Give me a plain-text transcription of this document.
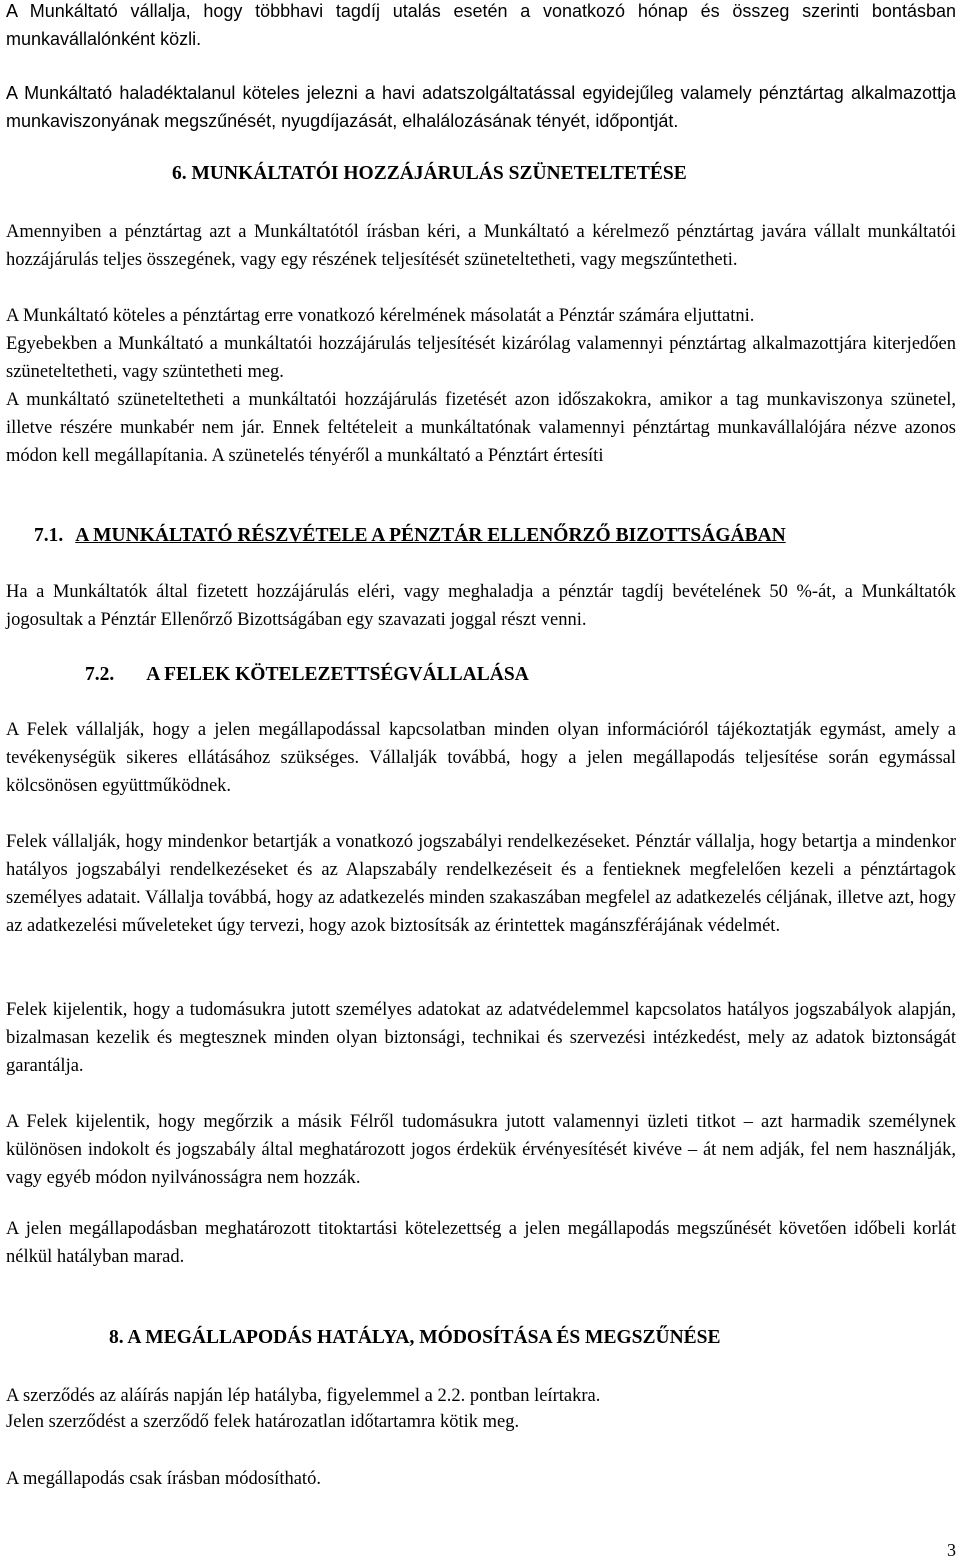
A Munkáltató vállalja, hogy többhavi tagdíj utalás esetén a vonatkozó hónap és összeg szerinti bontásban munkavállalónként közli.

A Munkáltató haladéktalanul köteles jelezni a havi adatszolgáltatással egyidejűleg valamely pénztártag alkalmazottja munkaviszonyának megszűnését, nyugdíjazását, elhalálozásának tényét, időpontját.

6. MUNKÁLTATÓI HOZZÁJÁRULÁS SZÜNETELTETÉSE

Amennyiben a pénztártag azt a Munkáltatótól írásban kéri, a Munkáltató a kérelmező pénztártag javára vállalt munkáltatói hozzájárulás teljes összegének, vagy egy részének teljesítését szüneteltetheti, vagy megszűntetheti.

A Munkáltató köteles a pénztártag erre vonatkozó kérelmének másolatát a Pénztár számára eljuttatni.

Egyebekben a Munkáltató a munkáltatói hozzájárulás teljesítését kizárólag valamennyi pénztártag alkalmazottjára kiterjedően szüneteltetheti, vagy szüntetheti meg.

A munkáltató szüneteltetheti a munkáltatói hozzájárulás fizetését azon időszakokra, amikor a tag munkaviszonya szünetel, illetve részére munkabér nem jár. Ennek feltételeit a munkáltatónak valamennyi pénztártag munkavállalójára nézve azonos módon kell megállapítania. A szünetelés tényéről a munkáltató a Pénztárt értesíti

7.1. A MUNKÁLTATÓ RÉSZVÉTELE A PÉNZTÁR ELLENŐRZŐ BIZOTTSÁGÁBAN

Ha a Munkáltatók által fizetett hozzájárulás eléri, vagy meghaladja a pénztár tagdíj bevételének 50 %-át, a Munkáltatók jogosultak a Pénztár Ellenőrző Bizottságában egy szavazati joggal részt venni.

7.2. A FELEK KÖTELEZETTSÉGVÁLLALÁSA

A Felek vállalják, hogy a jelen megállapodással kapcsolatban minden olyan információról tájékoztatják egymást, amely a tevékenységük sikeres ellátásához szükséges. Vállalják továbbá, hogy a jelen megállapodás teljesítése során egymással kölcsönösen együttműködnek.

Felek vállalják, hogy mindenkor betartják a vonatkozó jogszabályi rendelkezéseket. Pénztár vállalja, hogy betartja a mindenkor hatályos jogszabályi rendelkezéseket és az Alapszabály rendelkezéseit és a fentieknek megfelelően kezeli a pénztártagok személyes adatait. Vállalja továbbá, hogy az adatkezelés minden szakaszában megfelel az adatkezelés céljának, illetve azt, hogy az adatkezelési műveleteket úgy tervezi, hogy azok biztosítsák az érintettek magánszférájának védelmét.

Felek kijelentik, hogy a tudomásukra jutott személyes adatokat az adatvédelemmel kapcsolatos hatályos jogszabályok alapján, bizalmasan kezelik és megtesznek minden olyan biztonsági, technikai és szervezési intézkedést, mely az adatok biztonságát garantálja.

A Felek kijelentik, hogy megőrzik a másik Félről tudomásukra jutott valamennyi üzleti titkot – azt harmadik személynek különösen indokolt és jogszabály által meghatározott jogos érdekük érvényesítését kivéve – át nem adják, fel nem használják, vagy egyéb módon nyilvánosságra nem hozzák.

A jelen megállapodásban meghatározott titoktartási kötelezettség a jelen megállapodás megszűnését követően időbeli korlát nélkül hatályban marad.

8. A MEGÁLLAPODÁS HATÁLYA, MÓDOSÍTÁSA ÉS MEGSZŰNÉSE

A szerződés az aláírás napján lép hatályba, figyelemmel a 2.2. pontban leírtakra.

Jelen szerződést a szerződő felek határozatlan időtartamra kötik meg.

A megállapodás csak írásban módosítható.

3
